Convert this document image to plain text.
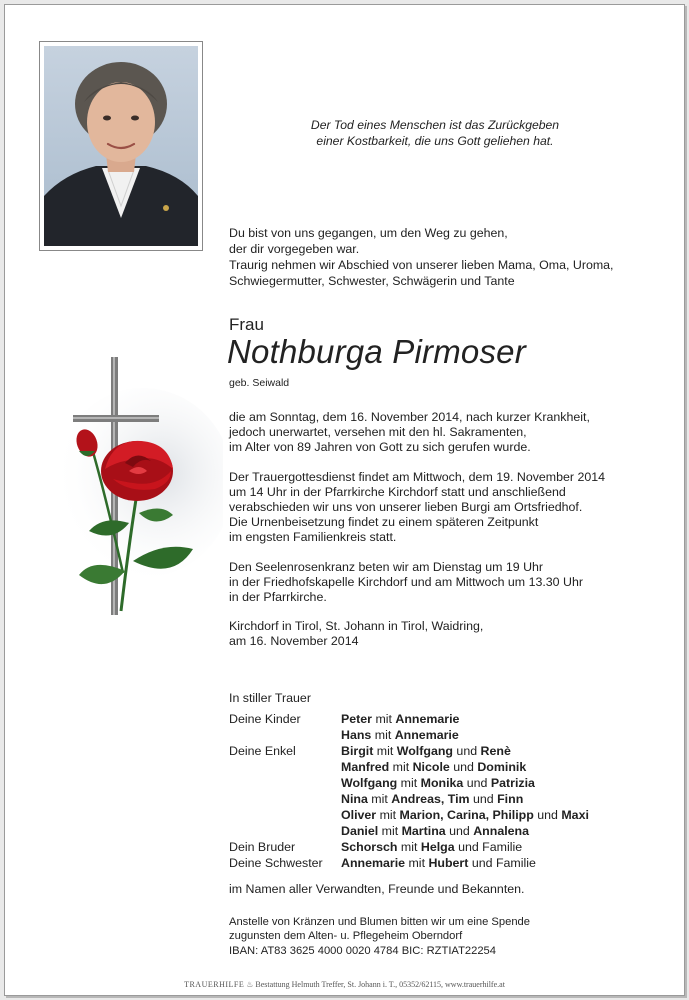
Der Tod eines Menschen ist das Zurückgeben
einer Kostbarkeit, die uns Gott geliehen hat.
Du bist von uns gegangen, um den Weg zu gehen,
der dir vorgegeben war.
Traurig nehmen wir Abschied von unserer lieben Mama, Oma, Uroma,
Schwiegermutter, Schwester, Schwägerin und Tante
Frau
Nothburga Pirmoser
geb. Seiwald

die am Sonntag, dem 16. November 2014, nach kurzer Krankheit,
jedoch unerwartet, versehen mit den hl. Sakramenten,
im Alter von 89 Jahren von Gott zu sich gerufen wurde.

Der Trauergottesdienst findet am Mittwoch, dem 19. November 2014
um 14 Uhr in der Pfarrkirche Kirchdorf statt und anschließend
verabschieden wir uns von unserer lieben Burgi am Ortsfriedhof.
Die Urnenbeisetzung findet zu einem späteren Zeitpunkt
im engsten Familienkreis statt.

Den Seelenrosenkranz beten wir am Dienstag um 19 Uhr
in der Friedhofskapelle Kirchdorf und am Mittwoch um 13.30 Uhr
in der Pfarrkirche.

Kirchdorf in Tirol, St. Johann in Tirol, Waidring,
am 16. November 2014

In stiller Trauer
Deine Kinder	Peter mit Annemarie
Hans mit Annemarie
Deine Enkel	Birgit mit Wolfgang und Renè
Manfred mit Nicole und Dominik
Wolfgang mit Monika und Patrizia
Nina mit Andreas, Tim und Finn
Oliver mit Marion, Carina, Philipp und Maxi
Daniel mit Martina und Annalena
Dein Bruder	Schorsch mit Helga und Familie
Deine Schwester	Annemarie mit Hubert und Familie
im Namen aller Verwandten, Freunde und Bekannten.
Anstelle von Kränzen und Blumen bitten wir um eine Spende
zugunsten dem Alten- u. Pflegeheim Oberndorf
IBAN: AT83 3625 4000 0020 4784 BIC: RZTIAT22254
TRAUERHILFE ♨ Bestattung Helmuth Treffer, St. Johann i. T., 05352/62115, www.trauerhilfe.at
